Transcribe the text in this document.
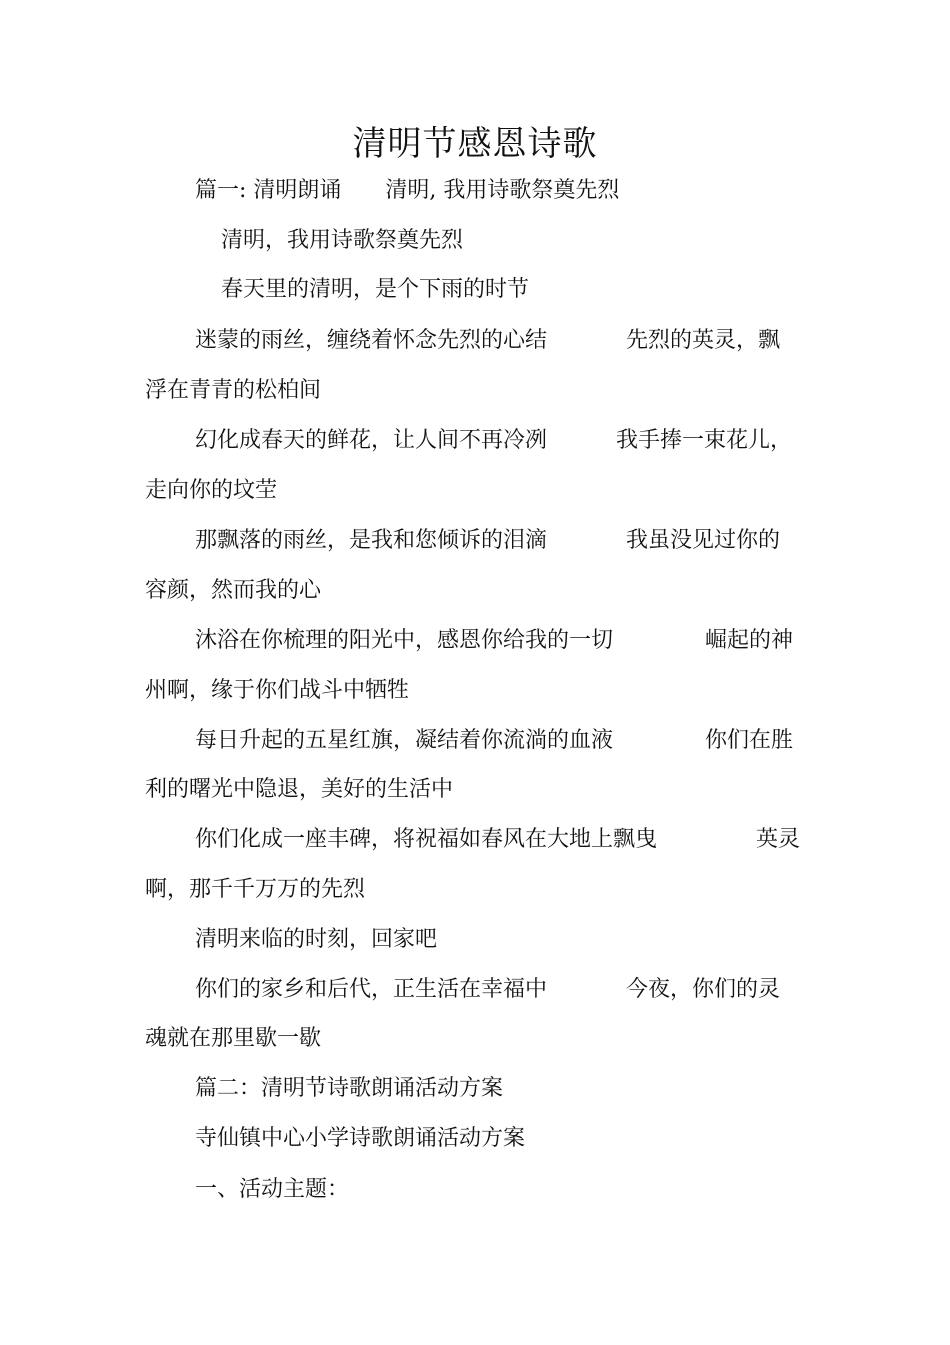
清明节感恩诗歌
篇一: 清明朗诵 清明, 我用诗歌祭奠先烈
清明，我用诗歌祭奠先烈
春天里的清明，是个下雨的时节
迷蒙的雨丝，缠绕着怀念先烈的心结	先烈的英灵，飘
浮在青青的松柏间
幻化成春天的鲜花，让人间不再冷冽	我手捧一束花儿，
走向你的坟茔
那飘落的雨丝，是我和您倾诉的泪滴	我虽没见过你的
容颜，然而我的心
沐浴在你梳理的阳光中，感恩你给我的一切	崛起的神
州啊，缘于你们战斗中牺牲
每日升起的五星红旗，凝结着你流淌的血液	你们在胜
利的曙光中隐退，美好的生活中
你们化成一座丰碑，将祝福如春风在大地上飘曳	英灵
啊，那千千万万的先烈
清明来临的时刻，回家吧
你们的家乡和后代，正生活在幸福中	今夜，你们的灵
魂就在那里歇一歇
篇二：清明节诗歌朗诵活动方案
寺仙镇中心小学诗歌朗诵活动方案
一、活动主题：
